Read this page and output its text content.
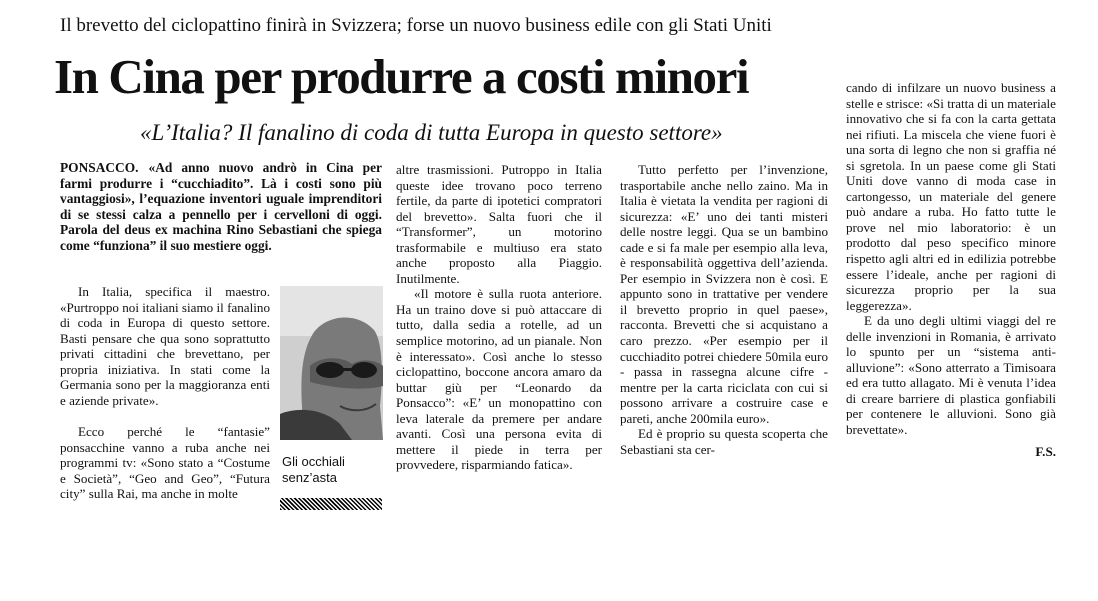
Il brevetto del ciclopattino finirà in Svizzera; forse un nuovo business edile con gli Stati Uniti
In Cina per produrre a costi minori
«L’Italia? Il fanalino di coda di tutta Europa in questo settore»
PONSACCO. «Ad anno nuovo andrò in Cina per farmi produrre i “cucchiadito”. Là i costi sono più vantaggiosi», l’equazione inventori uguale imprenditori di se stessi calza a pennello per i cervelloni di oggi. Parola del deus ex machina Rino Sebastiani che spiega come “funziona” il suo mestiere oggi.

In Italia, specifica il maestro. «Purtroppo noi italiani siamo il fanalino di coda in Europa di questo settore. Basti pensare che qua sono soprattutto privati cittadini che brevettano, per propria iniziativa. In stati come la Germania sono per la maggioranza enti e aziende private».

Ecco perché le “fantasie” ponsacchine vanno a ruba anche nei programmi tv: «Sono stato a “Costume e Società”, “Geo and Geo”, “Futura city” sulla Rai, ma anche in molte

Gli occhiali senz’asta

altre trasmissioni. Putroppo in Italia queste idee trovano poco terreno fertile, da parte di ipotetici compratori del brevetto». Salta fuori che il “Transformer”, un motorino trasformabile e multiuso era stato anche proposto alla Piaggio. Inutilmente.

«Il motore è sulla ruota anteriore. Ha un traino dove si può attaccare di tutto, dalla sedia a rotelle, ad un semplice motorino, ad un pianale. Non è interessato». Così anche lo stesso ciclopattino, boccone ancora amaro da buttar giù per “Leonardo da Ponsacco”: «E’ un monopattino con leva laterale da premere per andare avanti. Così una persona evita di mettere il piede in terra per provvedere, risparmiando fatica».

Tutto perfetto per l’invenzione, trasportabile anche nello zaino. Ma in Italia è vietata la vendita per ragioni di sicurezza: «E’ uno dei tanti misteri delle nostre leggi. Qua se un bambino cade e si fa male per esempio alla leva, è responsabilità oggettiva dell’azienda. Per esempio in Svizzera non è così. E appunto sono in trattative per vendere il brevetto proprio in quel paese», racconta. Brevetti che si acquistano a caro prezzo. «Per esempio per il cucchiadito potrei chiedere 50mila euro - passa in rassegna alcune cifre - mentre per la carta riciclata con cui si possono arrivare a costruire case e pareti, anche 200mila euro».

Ed è proprio su questa scoperta che Sebastiani sta cer-

cando di infilzare un nuovo business a stelle e strisce: «Si tratta di un materiale innovativo che si fa con la carta gettata nei rifiuti. La miscela che viene fuori è una sorta di legno che non si graffia né si sgretola. In un paese come gli Stati Uniti dove vanno di moda case in cartongesso, un materiale del genere può andare a ruba. Ho fatto tutte le prove nel mio laboratorio: è un prodotto dal peso specifico minore rispetto agli altri ed in edilizia potrebbe essere l’ideale, anche per ragioni di sicurezza proprio per la sua leggerezza».

E da uno degli ultimi viaggi del re delle invenzioni in Romania, è arrivato lo spunto per un “sistema anti-alluvione”: «Sono atterrato a Timisoara ed era tutto allagato. Mi è venuta l’idea di creare barriere di plastica gonfiabili per contenere le alluvioni. Sono già brevettate».

F.S.
